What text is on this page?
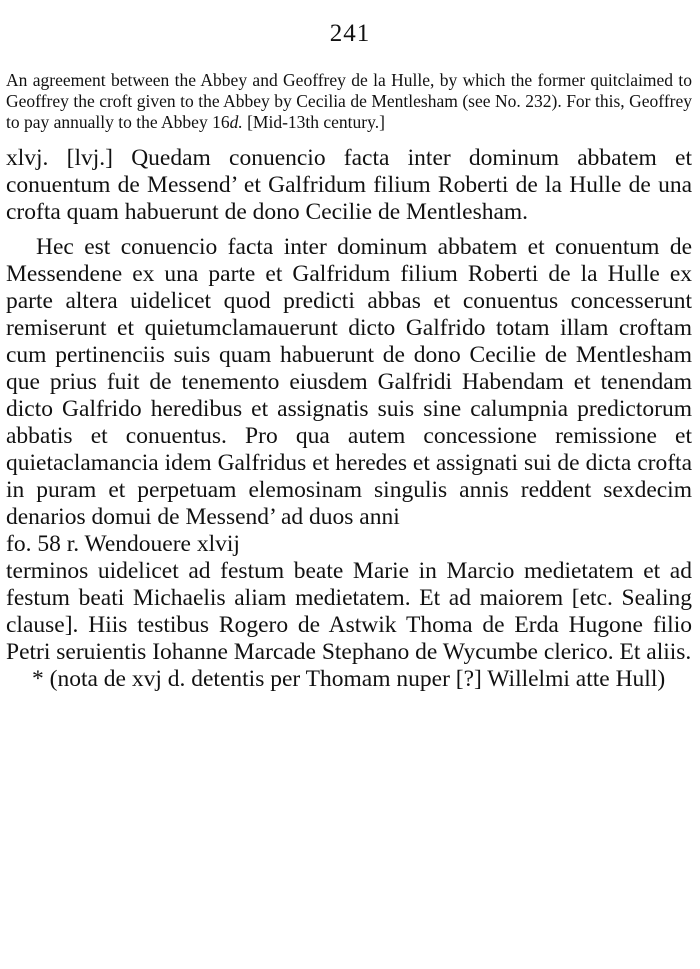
241

An agreement between the Abbey and Geoffrey de la Hulle, by which the former quitclaimed to Geoffrey the croft given to the Abbey by Cecilia de Mentlesham (see No. 232). For this, Geoffrey to pay annually to the Abbey 16d. [Mid-13th century.]

xlvj. [lvj.] Quedam conuencio facta inter dominum abbatem et conuentum de Messend’ et Galfridum filium Roberti de la Hulle de una crofta quam habuerunt de dono Cecilie de Mentlesham.

Hec est conuencio facta inter dominum abbatem et conuentum de Messendene ex una parte et Galfridum filium Roberti de la Hulle ex parte altera uidelicet quod predicti abbas et conuentus concesserunt remiserunt et quietumclamauerunt dicto Galfrido totam illam croftam cum pertinenciis suis quam habuerunt de dono Cecilie de Mentlesham que prius fuit de tenemento eiusdem Galfridi Habendam et tenendam dicto Galfrido heredibus et assignatis suis sine calumpnia predictorum abbatis et conuentus. Pro qua autem concessione remissione et quietaclamancia idem Galfridus et heredes et assignati sui de dicta crofta in puram et perpetuam elemosinam singulis annis reddent sexdecim denarios domui de Messend’ ad duos anni

fo. 58 r. Wendouere xlvij

terminos uidelicet ad festum beate Marie in Marcio medietatem et ad festum beati Michaelis aliam medietatem. Et ad maiorem [etc. Sealing clause]. Hiis testibus Rogero de Astwik Thoma de Erda Hugone filio Petri seruientis Iohanne Marcade Stephano de Wycumbe clerico. Et aliis.

* (nota de xvj d. detentis per Thomam nuper [?] Willelmi atte Hull)
